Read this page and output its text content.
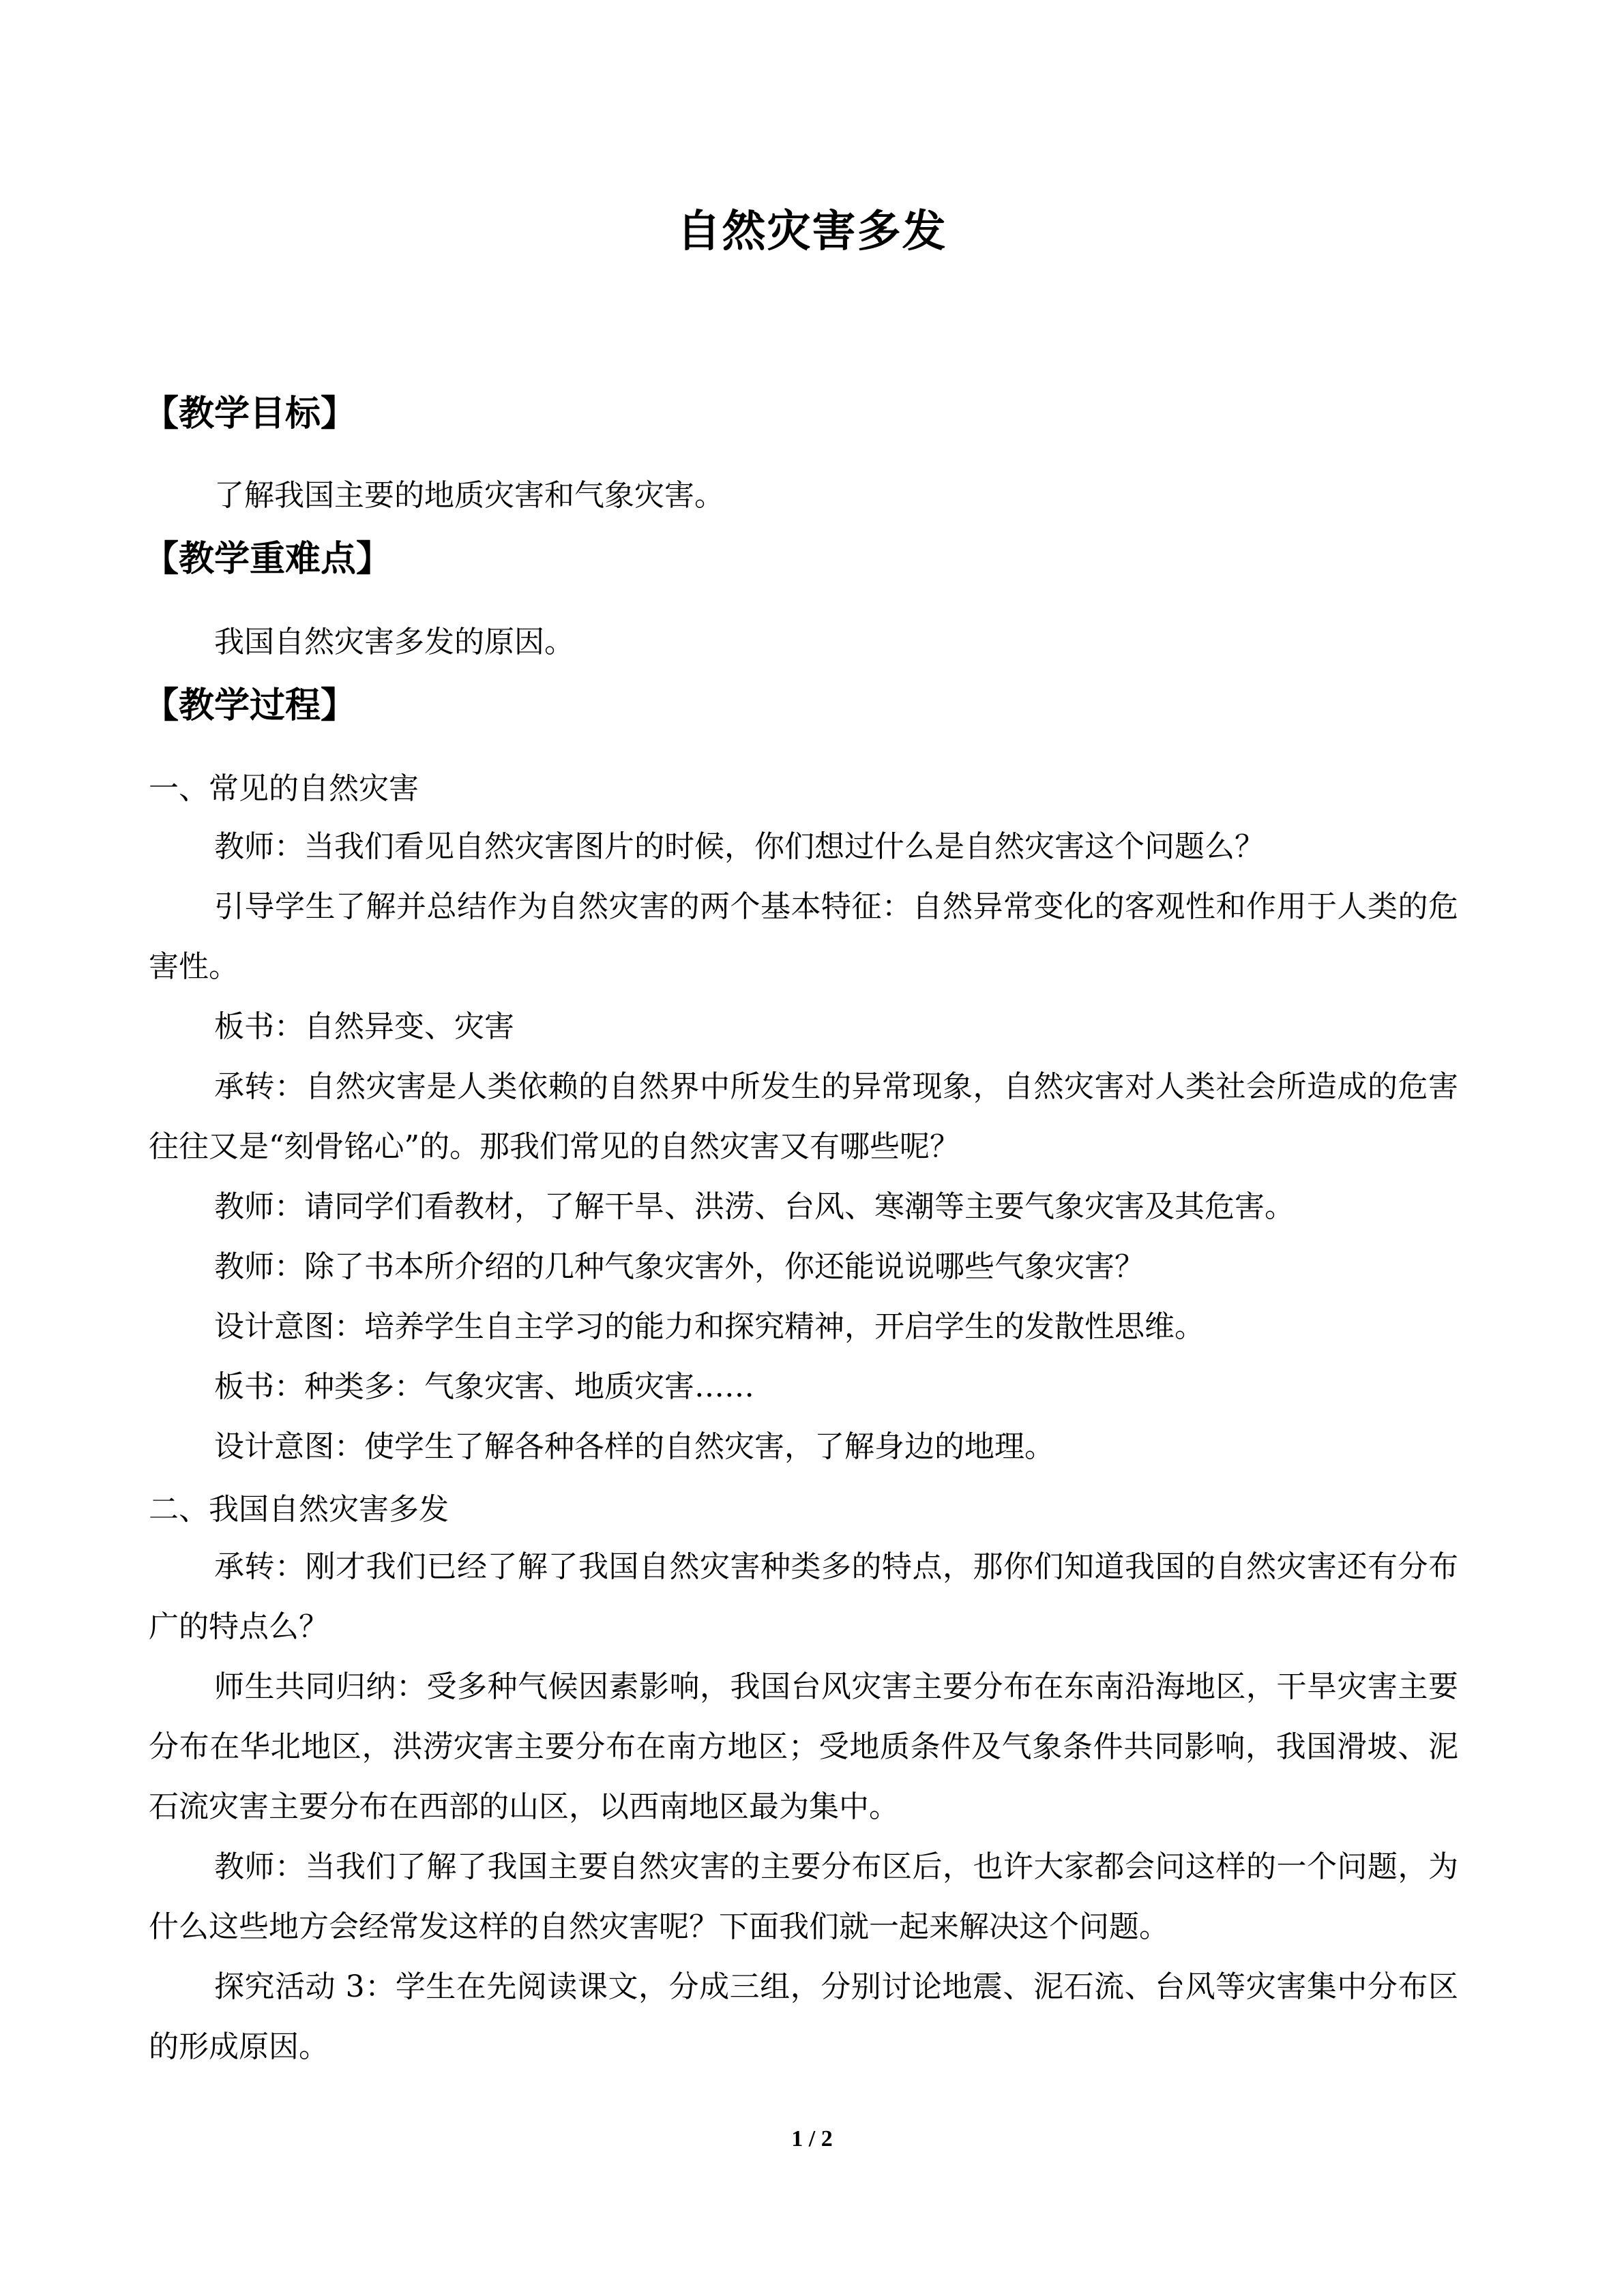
自然灾害多发
【教学目标】
了解我国主要的地质灾害和气象灾害。
【教学重难点】
我国自然灾害多发的原因。
【教学过程】
一、常见的自然灾害
教师：当我们看见自然灾害图片的时候，你们想过什么是自然灾害这个问题么？
引导学生了解并总结作为自然灾害的两个基本特征：自然异常变化的客观性和作用于人类的危害性。
板书：自然异变、灾害
承转：自然灾害是人类依赖的自然界中所发生的异常现象，自然灾害对人类社会所造成的危害往往又是“刻骨铭心”的。那我们常见的自然灾害又有哪些呢？
教师：请同学们看教材，了解干旱、洪涝、台风、寒潮等主要气象灾害及其危害。
教师：除了书本所介绍的几种气象灾害外，你还能说说哪些气象灾害？
设计意图：培养学生自主学习的能力和探究精神，开启学生的发散性思维。
板书：种类多：气象灾害、地质灾害……
设计意图：使学生了解各种各样的自然灾害，了解身边的地理。
二、我国自然灾害多发
承转：刚才我们已经了解了我国自然灾害种类多的特点，那你们知道我国的自然灾害还有分布广的特点么？
师生共同归纳：受多种气候因素影响，我国台风灾害主要分布在东南沿海地区，干旱灾害主要分布在华北地区，洪涝灾害主要分布在南方地区；受地质条件及气象条件共同影响，我国滑坡、泥石流灾害主要分布在西部的山区，以西南地区最为集中。
教师：当我们了解了我国主要自然灾害的主要分布区后，也许大家都会问这样的一个问题，为什么这些地方会经常发这样的自然灾害呢？下面我们就一起来解决这个问题。
探究活动 3：学生在先阅读课文，分成三组，分别讨论地震、泥石流、台风等灾害集中分布区的形成原因。
1 / 2
